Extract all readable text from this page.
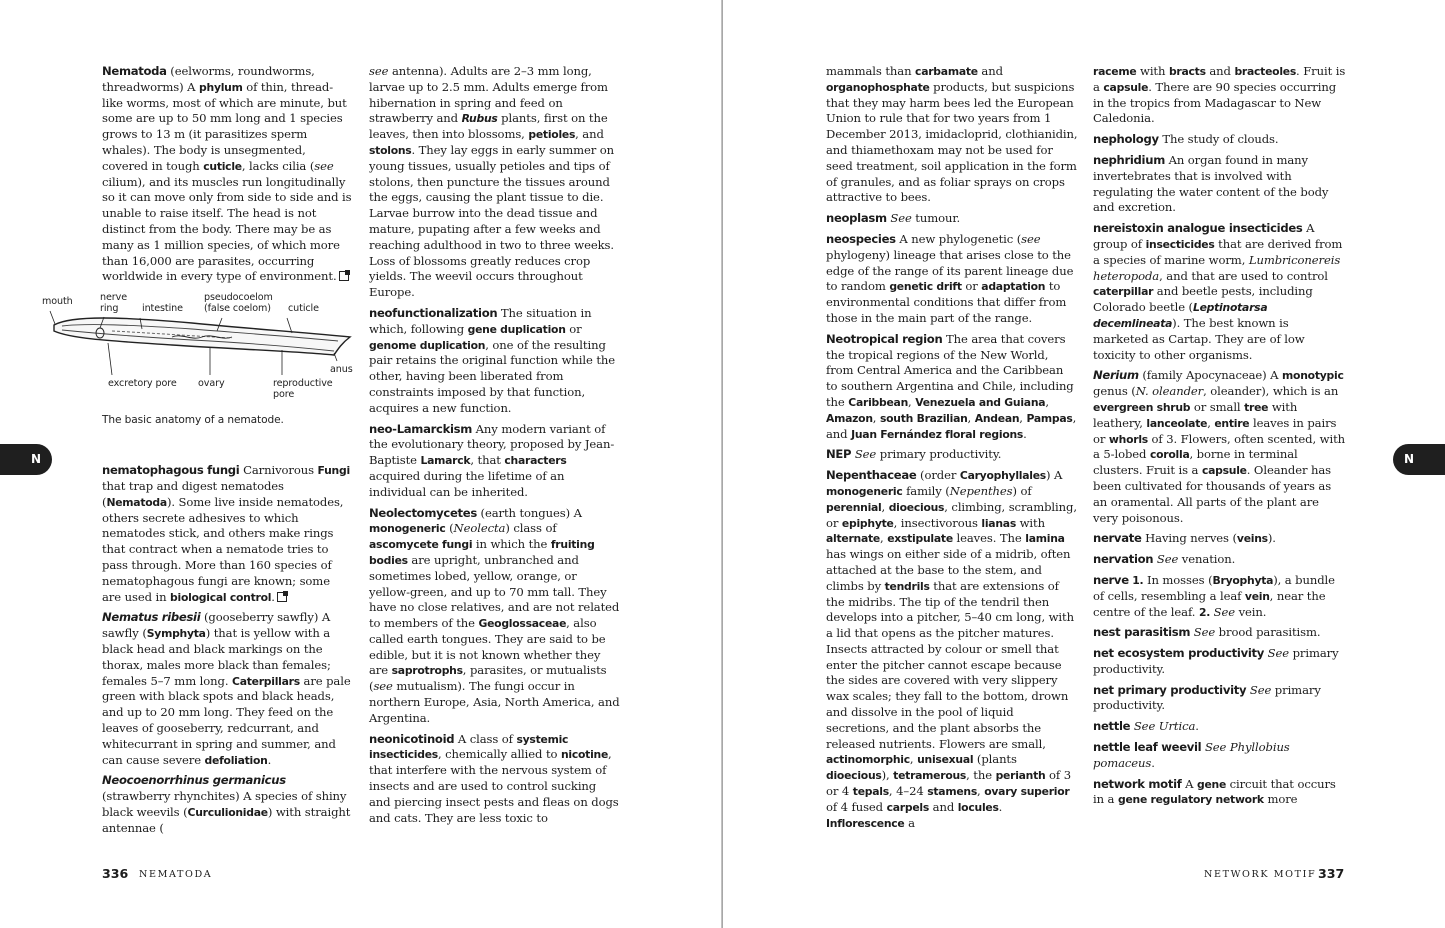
Nematoda (eelworms, roundworms, threadworms) A phylum of thin, thread-like worms, most of which are minute, but some are up to 50 mm long and 1 species grows to 13 m (it parasitizes sperm whales). The body is unsegmented, covered in tough cuticle, lacks cilia (see cilium), and its muscles run longitudinally so it can move only from side to side and is unable to raise itself. The head is not distinct from the body. There may be as many as 1 million species, of which more than 16,000 are parasites, occurring worldwide in every type of environment.

mouth	nerve
ring intestine
pseudocoelom
(false coelom) cuticle
anus
excretory pore ovary	reproductive
pore
The basic anatomy of a nematode.

nematophagous fungi Carnivorous Fungi that trap and digest nematodes (Nematoda). Some live inside nematodes, others secrete adhesives to which nematodes stick, and others make rings that contract when a nematode tries to pass through. More than 160 species of nematophagous fungi are known; some are used in biological control.

Nematus ribesii (gooseberry sawfly) A sawfly (Symphyta) that is yellow with a black head and black markings on the thorax, males more black than females; females 5–7 mm long. Caterpillars are pale green with black spots and black heads, and up to 20 mm long. They feed on the leaves of gooseberry, redcurrant, and whitecurrant in spring and summer, and can cause severe defoliation.

Neocoenorrhinus germanicus (strawberry rhynchites) A species of shiny black weevils (Curculionidae) with straight antennae (

see antenna). Adults are 2–3 mm long, larvae up to 2.5 mm. Adults emerge from hibernation in spring and feed on strawberry and Rubus plants, first on the leaves, then into blossoms, petioles, and stolons. They lay eggs in early summer on young tissues, usually petioles and tips of stolons, then puncture the tissues around the eggs, causing the plant tissue to die. Larvae burrow into the dead tissue and mature, pupating after a few weeks and reaching adulthood in two to three weeks. Loss of blossoms greatly reduces crop yields. The weevil occurs throughout Europe.

neofunctionalization The situation in which, following gene duplication or genome duplication, one of the resulting pair retains the original function while the other, having been liberated from constraints imposed by that function, acquires a new function.

neo-Lamarckism Any modern variant of the evolutionary theory, proposed by Jean-Baptiste Lamarck, that characters acquired during the lifetime of an individual can be inherited.

Neolectomycetes (earth tongues) A monogeneric (Neolecta) class of ascomycete fungi in which the fruiting bodies are upright, unbranched and sometimes lobed, yellow, orange, or yellow-green, and up to 70 mm tall. They have no close relatives, and are not related to members of the Geoglossaceae, also called earth tongues. They are said to be edible, but it is not known whether they are saprotrophs, parasites, or mutualists (see mutualism). The fungi occur in northern Europe, Asia, North America, and Argentina.

neonicotinoid A class of systemic insecticides, chemically allied to nicotine, that interfere with the nervous system of insects and are used to control sucking and piercing insect pests and fleas on dogs and cats. They are less toxic to

N
336 NEMATODA

mammals than carbamate and organophosphate products, but suspicions that they may harm bees led the European Union to rule that for two years from 1 December 2013, imidacloprid, clothianidin, and thiamethoxam may not be used for seed treatment, soil application in the form of granules, and as foliar sprays on crops attractive to bees.

neoplasm See tumour.

neospecies A new phylogenetic (see phylogeny) lineage that arises close to the edge of the range of its parent lineage due to random genetic drift or adaptation to environmental conditions that differ from those in the main part of the range.

Neotropical region The area that covers the tropical regions of the New World, from Central America and the Caribbean to southern Argentina and Chile, including the Caribbean, Venezuela and Guiana, Amazon, south Brazilian, Andean, Pampas, and Juan Fernández floral regions.

NEP See primary productivity.

Nepenthaceae (order Caryophyllales) A monogeneric family (Nepenthes) of perennial, dioecious, climbing, scrambling, or epiphyte, insectivorous lianas with alternate, exstipulate leaves. The lamina has wings on either side of a midrib, often attached at the base to the stem, and climbs by tendrils that are extensions of the midribs. The tip of the tendril then develops into a pitcher, 5–40 cm long, with a lid that opens as the pitcher matures. Insects attracted by colour or smell that enter the pitcher cannot escape because the sides are covered with very slippery wax scales; they fall to the bottom, drown and dissolve in the pool of liquid secretions, and the plant absorbs the released nutrients. Flowers are small, actinomorphic, unisexual (plants dioecious), tetramerous, the perianth of 3 or 4 tepals, 4–24 stamens, ovary superior of 4 fused carpels and locules. Inflorescence a

raceme with bracts and bracteoles. Fruit is a capsule. There are 90 species occurring in the tropics from Madagascar to New Caledonia.

nephology The study of clouds.

nephridium An organ found in many invertebrates that is involved with regulating the water content of the body and excretion.

nereistoxin analogue insecticides A group of insecticides that are derived from a species of marine worm, Lumbriconereis heteropoda, and that are used to control caterpillar and beetle pests, including Colorado beetle (Leptinotarsa decemlineata). The best known is marketed as Cartap. They are of low toxicity to other organisms.

Nerium (family Apocynaceae) A monotypic genus (N. oleander, oleander), which is an evergreen shrub or small tree with leathery, lanceolate, entire leaves in pairs or whorls of 3. Flowers, often scented, with a 5-lobed corolla, borne in terminal clusters. Fruit is a capsule. Oleander has been cultivated for thousands of years as an oramental. All parts of the plant are very poisonous.

nervate Having nerves (veins).

nervation See venation.

nerve 1. In mosses (Bryophyta), a bundle of cells, resembling a leaf vein, near the centre of the leaf. 2. See vein.

nest parasitism See brood parasitism.

net ecosystem productivity See primary productivity.

net primary productivity See primary productivity.

nettle See Urtica.

nettle leaf weevil See Phyllobius pomaceus.

network motif A gene circuit that occurs in a gene regulatory network more

N
NETWORK MOTIF 337
